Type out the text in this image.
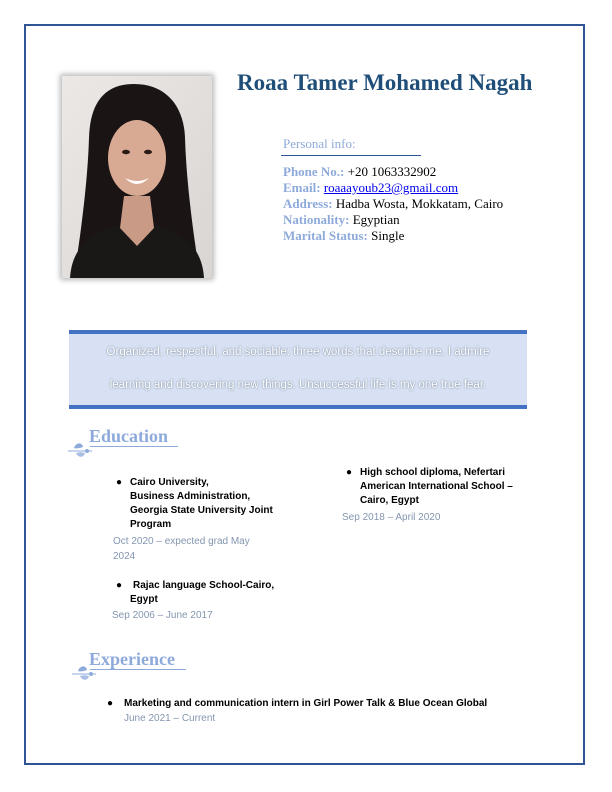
Roaa Tamer Mohamed Nagah
Personal info:
Phone No.: +20 1063332902
Email: roaaayoub23@gmail.com
Address: Hadba Wosta, Mokkatam, Cairo
Nationality: Egyptian
Marital Status: Single
Organized, respectful, and sociable: three words that describe me. I admire
learning and discovering new things. Unsuccessful life is my one true fear.
Education
● Cairo University,
Business Administration,
Georgia State University Joint
Program
Oct 2020 – expected grad May
2024
● High school diploma, Nefertari
American International School –
Cairo, Egypt
Sep 2018 – April 2020
●	Rajac language School-Cairo,
Egypt
Sep 2006 – June 2017
Experience
● Marketing and communication intern in Girl Power Talk & Blue Ocean Global
June 2021 – Current
